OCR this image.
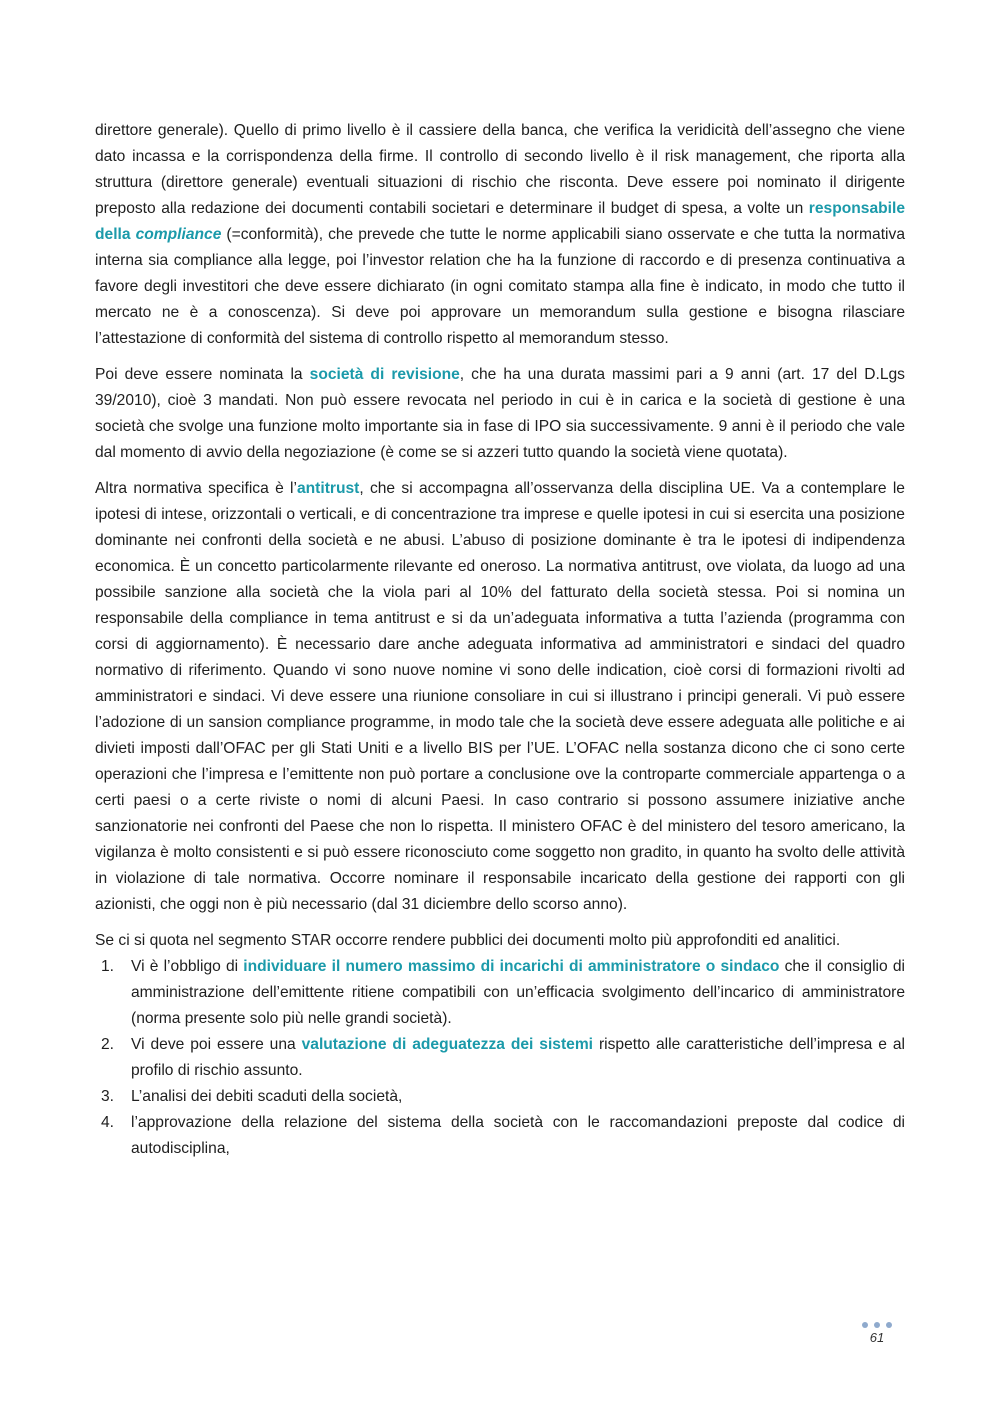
direttore generale). Quello di primo livello è il cassiere della banca, che verifica la veridicità dell’assegno che viene dato incassa e la corrispondenza della firme. Il controllo di secondo livello è il risk management, che riporta alla struttura (direttore generale) eventuali situazioni di rischio che risconta. Deve essere poi nominato il dirigente preposto alla redazione dei documenti contabili societari e determinare il budget di spesa, a volte un responsabile della compliance (=conformità), che prevede che tutte le norme applicabili siano osservate e che tutta la normativa interna sia compliance alla legge, poi l’investor relation che ha la funzione di raccordo e di presenza continuativa a favore degli investitori che deve essere dichiarato (in ogni comitato stampa alla fine è indicato, in modo che tutto il mercato ne è a conoscenza). Si deve poi approvare un memorandum sulla gestione e bisogna rilasciare l’attestazione di conformità del sistema di controllo rispetto al memorandum stesso.

Poi deve essere nominata la società di revisione, che ha una durata massimi pari a 9 anni (art. 17 del D.Lgs 39/2010), cioè 3 mandati. Non può essere revocata nel periodo in cui è in carica e la società di gestione è una società che svolge una funzione molto importante sia in fase di IPO sia successivamente. 9 anni è il periodo che vale dal momento di avvio della negoziazione (è come se si azzeri tutto quando la società viene quotata).

Altra normativa specifica è l’antitrust, che si accompagna all’osservanza della disciplina UE. Va a contemplare le ipotesi di intese, orizzontali o verticali, e di concentrazione tra imprese e quelle ipotesi in cui si esercita una posizione dominante nei confronti della società e ne abusi. L’abuso di posizione dominante è tra le ipotesi di indipendenza economica. È un concetto particolarmente rilevante ed oneroso. La normativa antitrust, ove violata, da luogo ad una possibile sanzione alla società che la viola pari al 10% del fatturato della società stessa. Poi si nomina un responsabile della compliance in tema antitrust e si da un’adeguata informativa a tutta l’azienda (programma con corsi di aggiornamento). È necessario dare anche adeguata informativa ad amministratori e sindaci del quadro normativo di riferimento. Quando vi sono nuove nomine vi sono delle indication, cioè corsi di formazioni rivolti ad amministratori e sindaci. Vi deve essere una riunione consoliare in cui si illustrano i principi generali. Vi può essere l’adozione di un sansion compliance programme, in modo tale che la società deve essere adeguata alle politiche e ai divieti imposti dall’OFAC per gli Stati Uniti e a livello BIS per l’UE. L’OFAC nella sostanza dicono che ci sono certe operazioni che l’impresa e l’emittente non può portare a conclusione ove la controparte commerciale appartenga o a certi paesi o a certe riviste o nomi di alcuni Paesi. In caso contrario si possono assumere iniziative anche sanzionatorie nei confronti del Paese che non lo rispetta. Il ministero OFAC è del ministero del tesoro americano, la vigilanza è molto consistenti e si può essere riconosciuto come soggetto non gradito, in quanto ha svolto delle attività in violazione di tale normativa. Occorre nominare il responsabile incaricato della gestione dei rapporti con gli azionisti, che oggi non è più necessario (dal 31 diciembre dello scorso anno).

Se ci si quota nel segmento STAR occorre rendere pubblici dei documenti molto più approfonditi ed analitici.

1. Vi è l’obbligo di individuare il numero massimo di incarichi di amministratore o sindaco che il consiglio di amministrazione dell’emittente ritiene compatibili con un’efficacia svolgimento dell’incarico di amministratore (norma presente solo più nelle grandi società).
2. Vi deve poi essere una valutazione di adeguatezza dei sistemi rispetto alle caratteristiche dell’impresa e al profilo di rischio assunto.
3. L’analisi dei debiti scaduti della società,
4. l’approvazione della relazione del sistema della società con le raccomandazioni preposte dal codice di autodisciplina,
61
